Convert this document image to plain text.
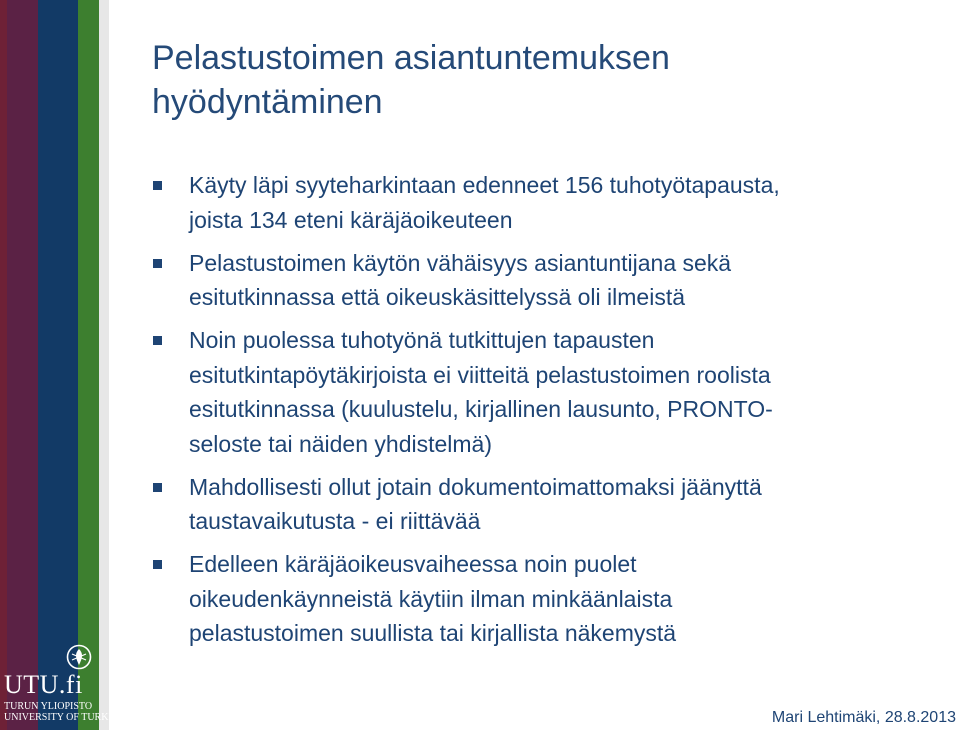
UTU.fi
TURUN YLIOPISTO
UNIVERSITY OF TURKU
Pelastustoimen asiantuntemuksen
hyödyntäminen
Käyty läpi syyteharkintaan edenneet 156 tuhotyötapausta,
joista 134 eteni käräjäoikeuteen
Pelastustoimen käytön vähäisyys asiantuntijana sekä
esitutkinnassa että oikeuskäsittelyssä oli ilmeistä
Noin puolessa tuhotyönä tutkittujen tapausten
esitutkintapöytäkirjoista ei viitteitä pelastustoimen roolista
esitutkinnassa (kuulustelu, kirjallinen lausunto, PRONTO-
seloste tai näiden yhdistelmä)
Mahdollisesti ollut jotain dokumentoimattomaksi jäänyttä
taustavaikutusta - ei riittävää
Edelleen käräjäoikeusvaiheessa noin puolet
oikeudenkäynneistä käytiin ilman minkäänlaista
pelastustoimen suullista tai kirjallista näkemystä
Mari Lehtimäki, 28.8.2013
